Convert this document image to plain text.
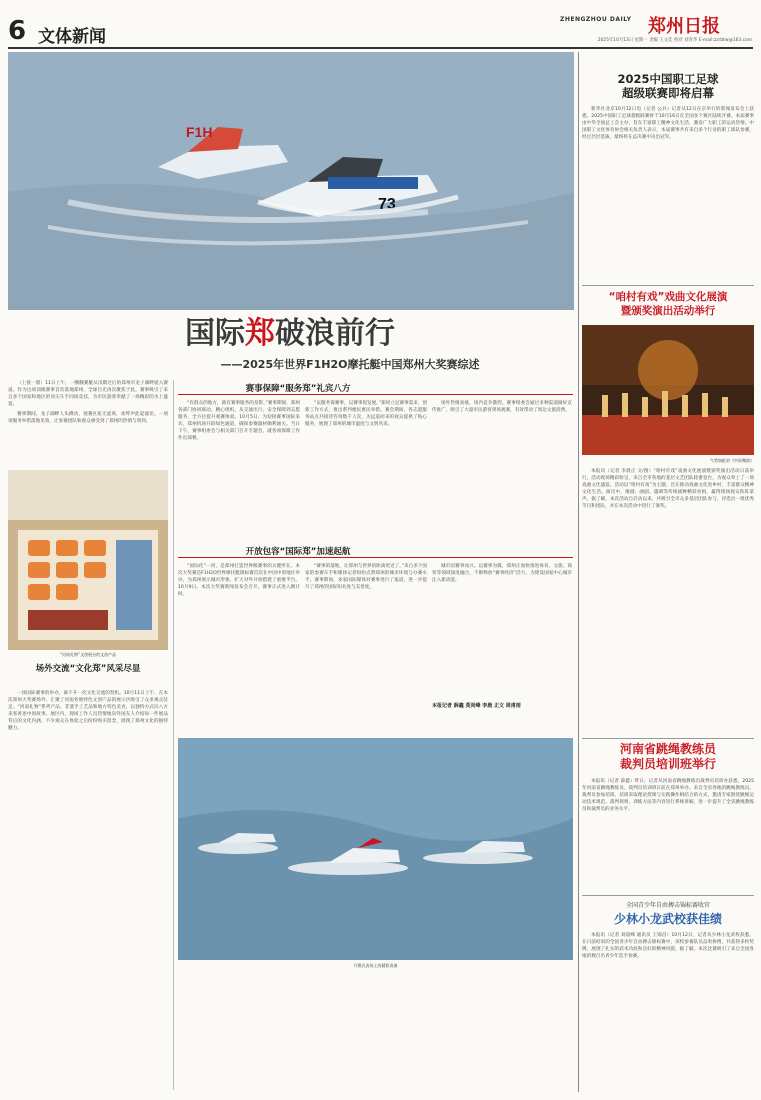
6 文体新闻
ZHENGZHOU DAILY 郑州日报
2025年10月13日 星期一 责编 王文佳 校对 刘青华 E-mail:zzrbtw@163.com
F1H
73
国际郑破浪前行
——2025年世界F1H2O摩托艇中国郑州大奖赛综述

（上接一版）11日上午，一艘艘赛艇从汛期过后的郑州市龙子湖畔驶入赛道。作为这项顶级赛事首次落地郑州，全球目光再次聚焦于此。赛事吸引了来自多个国家和地区的顶尖车手同场竞技，为市民游客奉献了一场精彩的水上盛宴。

赛事期间，龙子湖畔人头攒动，观赛区座无虚席，欢呼声此起彼伏。一项项服务举措落地见效，让参赛团队和观众感受到了郑州的热情与周到。

“河南礼物”文创展台的文创产品
场外交流“文化郑”风采尽显

一场国际赛事的举办，离不开一次文化交流的契机。10月11日上午，在本次郑州大奖赛场外，汇聚了河南各地特色文创产品的展示区吸引了众多观众驻足。“河南礼物”系列产品、非遗手工艺品和地方特色美食，以独特方式向八方来客讲述中原故事。展区内，现场工作人员热情地向外国友人介绍每一件展品背后的文化内涵，不少观众在体验之后纷纷购买留念，展现了郑州文化的独特魅力。

赛事保障“服务郑”礼宾八方

“有群众的地方，就有赛事服务的身影。”赛事期间，郑州各部门协同联动，精心组织，从交通出行、安全保障到志愿服务，全方位提升观赛体验。10月5日，为迎接赛事国际来宾，郑州机场开辟绿色通道，确保参赛器材顺利通关。当日下午，赛事组委会与相关部门召开专题会，就各项保障工作作出部署。

“以服务保赛事，以赛事促发展。”郑州立足赛事需求，创新工作方式，推出系列便民惠民举措。赛会期间，各志愿服务站点共接待咨询数千人次，为远道而来的观众提供了贴心服务，展现了郑州的城市温度与文明风采。

场外热情高涨，场内竞争激烈。赛事组委会通过多种渠道做好宣传推广，吸引了大量市民游客到场观赛，有效带动了周边文旅消费。

开放包容“国际郑”加速起航

“国际化”一词，是郑州打造世界级赛事的关键所在。本次大奖赛是F1H2O世界摩托艇锦标赛首次在中国中原地区举办，为郑州展示城市形象、扩大对外开放搭建了重要平台。10月9日，本次大奖赛新闻发布会召开，赛事正式进入倒计时。

“赛事的落地，让郑州与世界的距离更近了。”来自多个国家的参赛车手和媒体记者纷纷点赞郑州的城市环境与办赛水平。赛事期间，多家国际媒体对赛事进行了报道，进一步提升了郑州的国际知名度与美誉度。

城市因赛事而兴。以赛事为媒，郑州正加快推进体育、文旅、商贸等领域深度融合，不断释放“赛事经济”活力，为建设国家中心城市注入新动能。

本报记者 薛鑫 莫尚峰 李晨 正文 周甫雨
开赛式表场上的精彩表演
2025中国职工足球
超级联赛即将启幕

新华社北京10月12日电（记者 公兵）记者从12日在京举行的新闻发布会上获悉，2025中国职工足球超级联赛将于10月16日在全国多个赛区陆续开赛。本届赛事由中华全国总工会主办，旨在丰富职工精神文化生活，激发广大职工的运动热情。中国职工文化体育协会相关负责人表示，本届赛事共有来自多个行业的职工球队参赛，经过层层选拔，最终将在总决赛中决出冠军。

“咱村有戏”戏曲文化展演
暨颁奖演出活动举行
气势如虹的《中原舞韵》

本报讯（记者 李晨正 文/图）“咱村有戏”戏曲文化展演暨颁奖演出活动日前举行，活动现场精彩纷呈，来自全市各地的基层文艺团队轮番登台，为观众奉上了一场戏曲文化盛宴。活动以“咱村有戏”为主题，旨在推动戏曲文化进乡村，丰富群众精神文化生活。演出中，豫剧、曲剧、越调等传统剧种精彩亮相，赢得现场观众阵阵掌声。据了解，本次活动自启动以来，共吸引全市众多基层团队参与，评选出一批优秀节目和团队，并在本次活动中进行了颁奖。

河南省跳绳教练员
裁判员培训班举行

本报讯（记者 薛鑫）昨日，记者从河南省跳绳教练员裁判员培训办获悉，2025年河南省跳绳教练员、裁判员培训班日前在郑州举办。来自全省各地的跳绳教练员、裁判员参加培训。培训采取理论授课与实践操作相结合的方式，邀请专家围绕跳绳运动技术规范、裁判规则、训练方法等内容进行系统讲解，进一步提升了全省跳绳教练员和裁判员的业务水平。

全国青少年自由搏击锦标赛收官
少林小龙武校获佳绩

本报讯（记者 刘超峰 通讯员 王锦昌）10月12日，记者从少林小龙武校获悉，在日前结束的全国青少年自由搏击锦标赛中，该校参赛队员奋勇拼搏，共获得多枚奖牌，展现了扎实的武术功底和良好的精神风貌。据了解，本次比赛吸引了来自全国各地的数百名青少年选手参赛。
